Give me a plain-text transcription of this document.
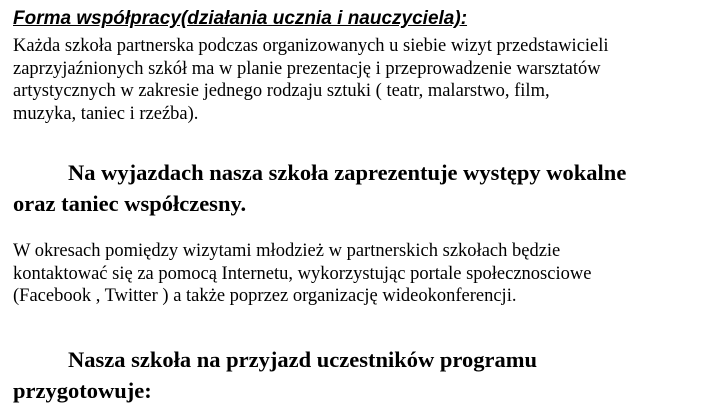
Forma współpracy(działania ucznia i nauczyciela):
Każda szkoła partnerska podczas organizowanych u siebie wizyt przedstawicieli
zaprzyjaźnionych szkół ma w planie prezentację i przeprowadzenie warsztatów
artystycznych w zakresie jednego rodzaju sztuki ( teatr, malarstwo, film,
muzyka, taniec i rzeźba).
Na wyjazdach nasza szkoła zaprezentuje występy wokalne
oraz taniec współczesny.
W okresach pomiędzy wizytami młodzież w partnerskich szkołach będzie
kontaktować się za pomocą Internetu, wykorzystując portale społecznosciowe
(Facebook , Twitter ) a także poprzez organizację wideokonferencji.
Nasza szkoła na przyjazd uczestników programu
przygotowuje:
